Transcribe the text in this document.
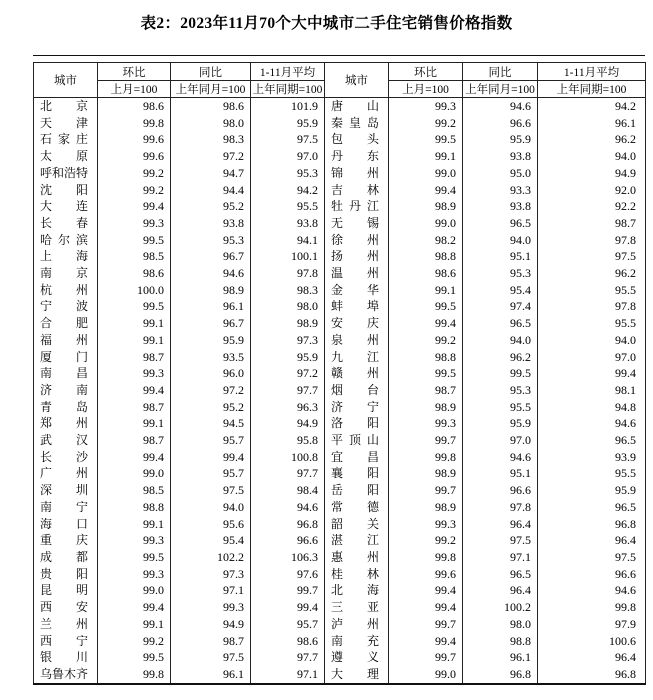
表2：2023年11月70个大中城市二手住宅销售价格指数
城市	环比	同比	1-11月平均	城市	环比	同比	1-11月平均
	上月=100	上年同月=100	上年同期=100		上月=100	上年同月=100	上年同期=100

北京	98.6	98.6	101.9	唐山	99.3	94.6	94.2

天津	99.8	98.0	95.9	秦皇岛	99.2	96.6	96.1

石家庄	99.6	98.3	97.5	包头	99.5	95.9	96.2

太原	99.6	97.2	97.0	丹东	99.1	93.8	94.0

呼和浩特	99.2	94.7	95.3	锦州	99.0	95.0	94.9

沈阳	99.2	94.4	94.2	吉林	99.4	93.3	92.0

大连	99.4	95.2	95.5	牡丹江	98.9	93.8	92.2

长春	99.3	93.8	93.8	无锡	99.0	96.5	98.7

哈尔滨	99.5	95.3	94.1	徐州	98.2	94.0	97.8

上海	98.5	96.7	100.1	扬州	98.8	95.1	97.5

南京	98.6	94.6	97.8	温州	98.6	95.3	96.2

杭州	100.0	98.9	98.3	金华	99.1	95.4	95.5

宁波	99.5	96.1	98.0	蚌埠	99.5	97.4	97.8

合肥	99.1	96.7	98.9	安庆	99.4	96.5	95.5

福州	99.1	95.9	97.3	泉州	99.2	94.0	94.0

厦门	98.7	93.5	95.9	九江	98.8	96.2	97.0

南昌	99.3	96.0	97.2	赣州	99.5	99.5	99.4

济南	99.4	97.2	97.7	烟台	98.7	95.3	98.1

青岛	98.7	95.2	96.3	济宁	98.9	95.5	94.8

郑州	99.1	94.5	94.9	洛阳	99.3	95.9	94.6

武汉	98.7	95.7	95.8	平顶山	99.7	97.0	96.5

长沙	99.4	99.4	100.8	宜昌	99.8	94.6	93.9

广州	99.0	95.7	97.7	襄阳	98.9	95.1	95.5

深圳	98.5	97.5	98.4	岳阳	99.7	96.6	95.9

南宁	98.8	94.0	94.6	常德	98.9	97.8	96.5

海口	99.1	95.6	96.8	韶关	99.3	96.4	96.8

重庆	99.3	95.4	96.6	湛江	99.2	97.5	96.4

成都	99.5	102.2	106.3	惠州	99.8	97.1	97.5

贵阳	99.3	97.3	97.6	桂林	99.6	96.5	96.6

昆明	99.0	97.1	99.7	北海	99.4	96.4	94.6

西安	99.4	99.3	99.4	三亚	99.4	100.2	99.8

兰州	99.1	94.9	95.7	泸州	99.7	98.0	97.9

西宁	99.2	98.7	98.6	南充	99.4	98.8	100.6

银川	99.5	97.5	97.7	遵义	99.7	96.1	96.4

乌鲁木齐	99.8	96.1	97.1	大理	99.0	96.8	96.8
